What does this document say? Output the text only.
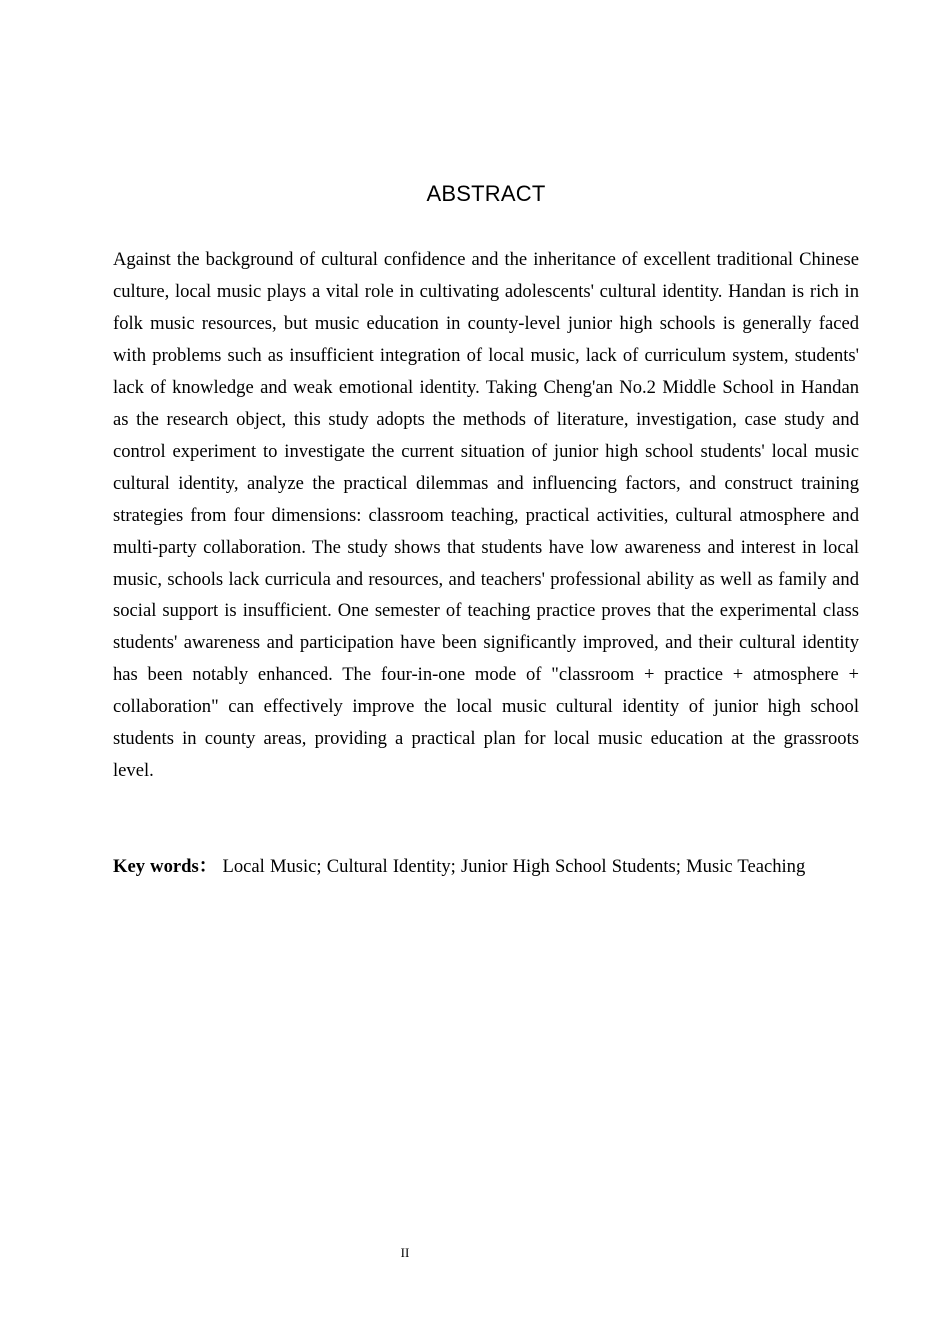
ABSTRACT

Against the background of cultural confidence and the inheritance of excellent traditional Chinese culture, local music plays a vital role in cultivating adolescents' cultural identity. Handan is rich in folk music resources, but music education in county-level junior high schools is generally faced with problems such as insufficient integration of local music, lack of curriculum system, students' lack of knowledge and weak emotional identity. Taking Cheng'an No.2 Middle School in Handan as the research object, this study adopts the methods of literature, investigation, case study and control experiment to investigate the current situation of junior high school students' local music cultural identity, analyze the practical dilemmas and influencing factors, and construct training strategies from four dimensions: classroom teaching, practical activities, cultural atmosphere and multi-party collaboration. The study shows that students have low awareness and interest in local music, schools lack curricula and resources, and teachers' professional ability as well as family and social support is insufficient. One semester of teaching practice proves that the experimental class students' awareness and participation have been significantly improved, and their cultural identity has been notably enhanced. The four-in-one mode of "classroom + practice + atmosphere + collaboration" can effectively improve the local music cultural identity of junior high school students in county areas, providing a practical plan for local music education at the grassroots level.

Key words： Local Music; Cultural Identity; Junior High School Students; Music Teaching

II
